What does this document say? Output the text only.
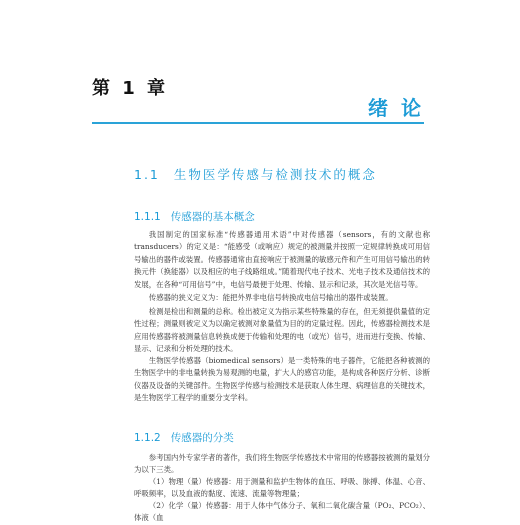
第 1 章
绪 论
1.1 生物医学传感与检测技术的概念
1.1.1 传感器的基本概念
我国制定的国家标准“传感器通用术语”中对传感器（sensors，有的文献也称 transducers）的定义是：“能感受（或响应）规定的被测量并按照一定规律转换成可用信号输出的器件或装置。传感器通常由直接响应于被测量的敏感元件和产生可用信号输出的转换元件（换能器）以及相应的电子线路组成。”随着现代电子技术、光电子技术及通信技术的发展，在各种“可用信号”中，电信号最便于处理、传输、显示和记录，其次是光信号等。
传感器的狭义定义为：能把外界非电信号转换成电信号输出的器件或装置。
检测是检出和测量的总称。检出被定义为指示某些特殊量的存在，但无须提供量值的定性过程；测量则被定义为以确定被测对象量值为目的的定量过程。因此，传感器检测技术是应用传感器将被测量信息转换成便于传输和处理的电（或光）信号，进而进行变换、传输、显示、记录和分析处理的技术。
生物医学传感器（biomedical sensors）是一类特殊的电子器件，它能把各种被测的生物医学中的非电量转换为易观测的电量，扩大人的感官功能，是构成各种医疗分析、诊断仪器及设备的关键部件。生物医学传感与检测技术是获取人体生理、病理信息的关键技术，是生物医学工程学的重要分支学科。
1.1.2 传感器的分类
参考国内外专家学者的著作，我们将生物医学传感技术中常用的传感器按被测的量划分为以下三类。
（1）物理（量）传感器：用于测量和监护生物体的血压、呼吸、脉搏、体温、心音、呼吸频率，以及血液的黏度、流速、流量等物理量；
（2）化学（量）传感器：用于人体中气体分子、氧和二氧化碳含量（PO₂、PCO₂）、体液（血
